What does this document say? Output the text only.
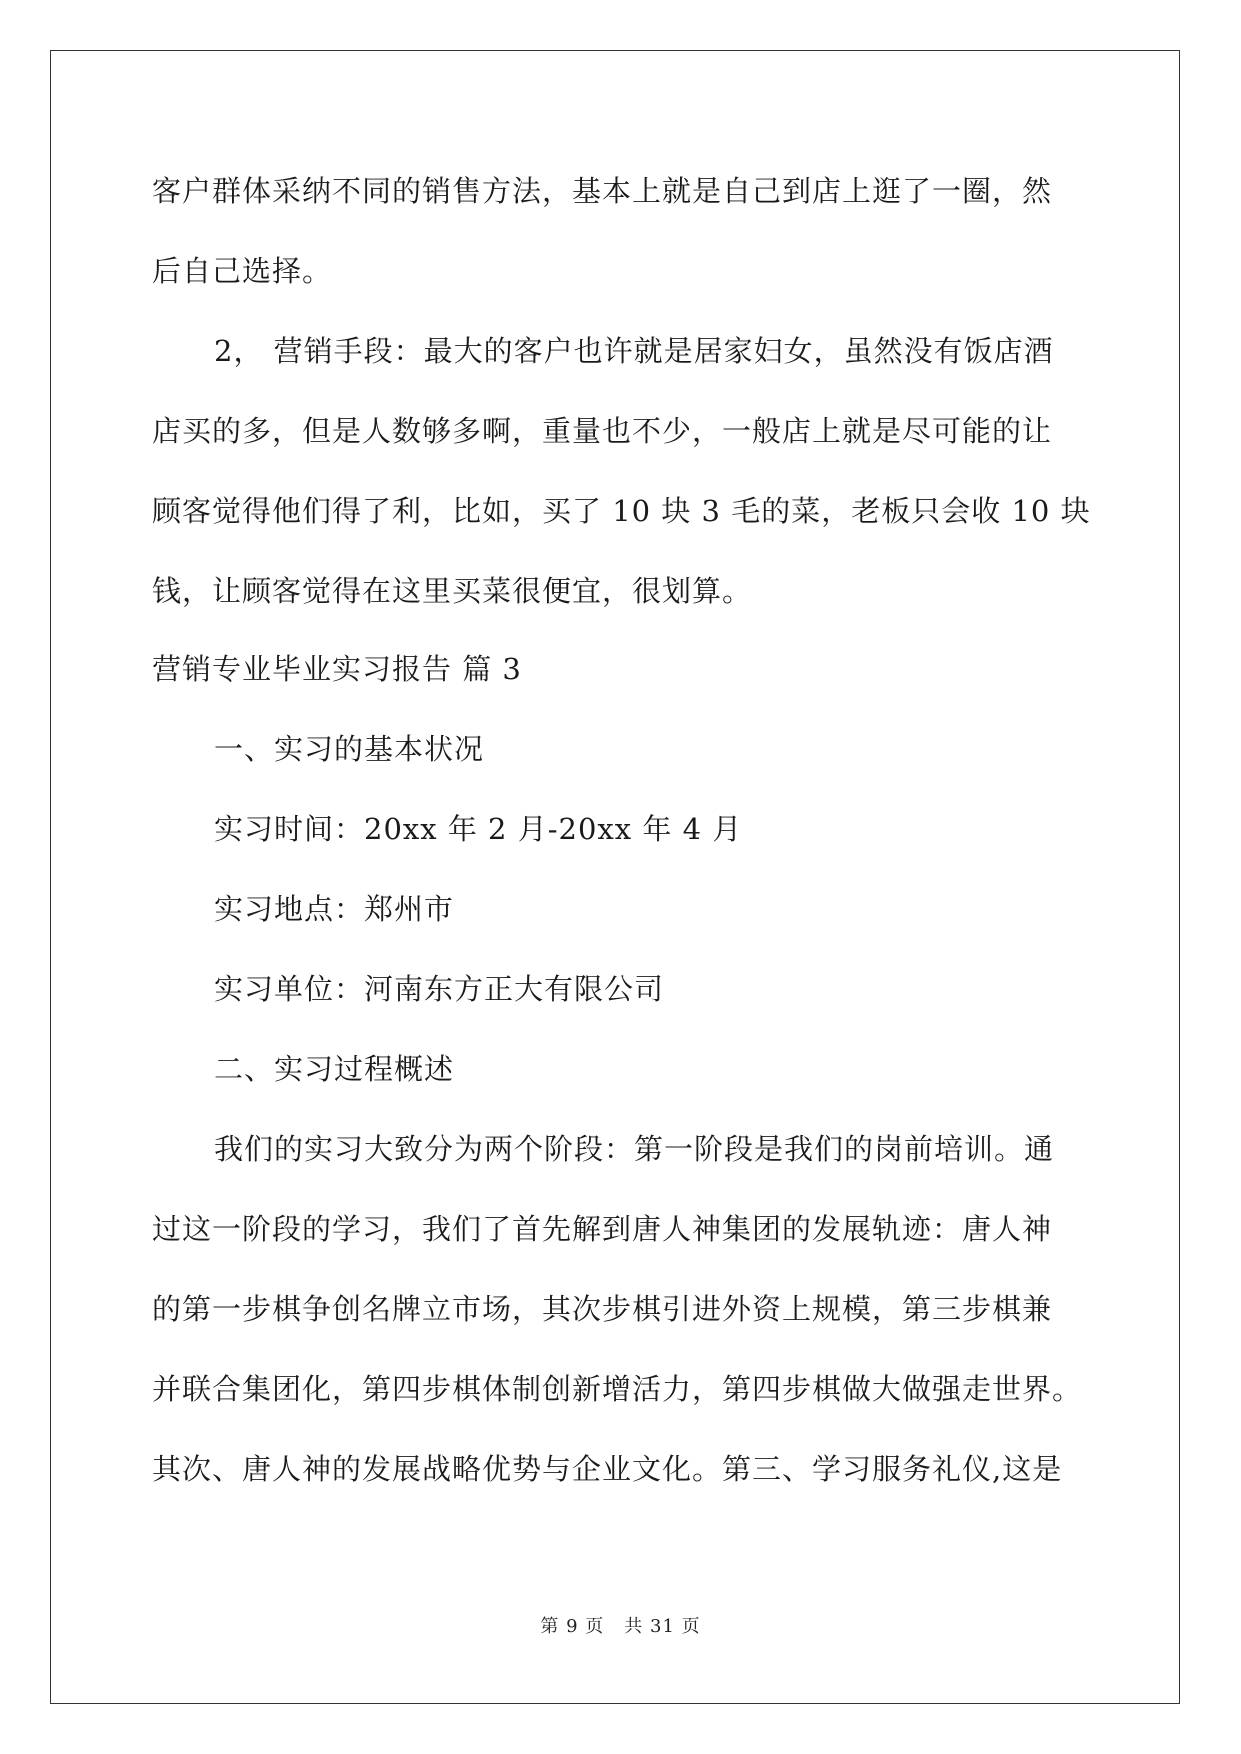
客户群体采纳不同的销售方法，基本上就是自己到店上逛了一圈，然
后自己选择。
2， 营销手段：最大的客户也许就是居家妇女，虽然没有饭店酒
店买的多，但是人数够多啊，重量也不少，一般店上就是尽可能的让
顾客觉得他们得了利，比如，买了 10 块 3 毛的菜，老板只会收 10 块
钱，让顾客觉得在这里买菜很便宜，很划算。
营销专业毕业实习报告 篇 3
一、实习的基本状况
实习时间：20xx 年 2 月-20xx 年 4 月
实习地点：郑州市
实习单位：河南东方正大有限公司
二、实习过程概述
我们的实习大致分为两个阶段：第一阶段是我们的岗前培训。通
过这一阶段的学习，我们了首先解到唐人神集团的发展轨迹：唐人神
的第一步棋争创名牌立市场，其次步棋引进外资上规模，第三步棋兼
并联合集团化，第四步棋体制创新增活力，第四步棋做大做强走世界。
其次、唐人神的发展战略优势与企业文化。第三、学习服务礼仪,这是
第 9 页 共 31 页
